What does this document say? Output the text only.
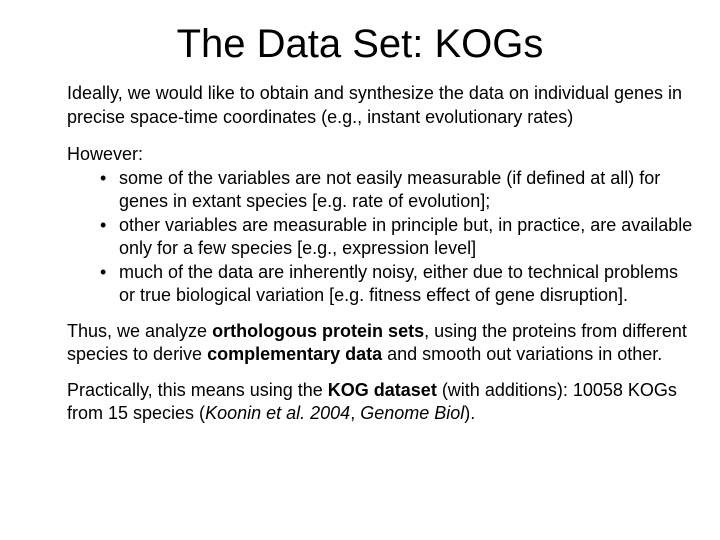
The Data Set: KOGs

Ideally, we would like to obtain and synthesize the data on individual genes in precise space-time coordinates (e.g., instant evolutionary rates)

However:
• some of the variables are not easily measurable (if defined at all) for genes in extant species [e.g. rate of evolution];
• other variables are measurable in principle but, in practice, are available only for a few species [e.g., expression level]
• much of the data are inherently noisy, either due to technical problems or true biological variation [e.g. fitness effect of gene disruption].

Thus, we analyze orthologous protein sets, using the proteins from different species to derive complementary data and smooth out variations in other.

Practically, this means using the KOG dataset (with additions): 10058 KOGs from 15 species (Koonin et al. 2004, Genome Biol).
